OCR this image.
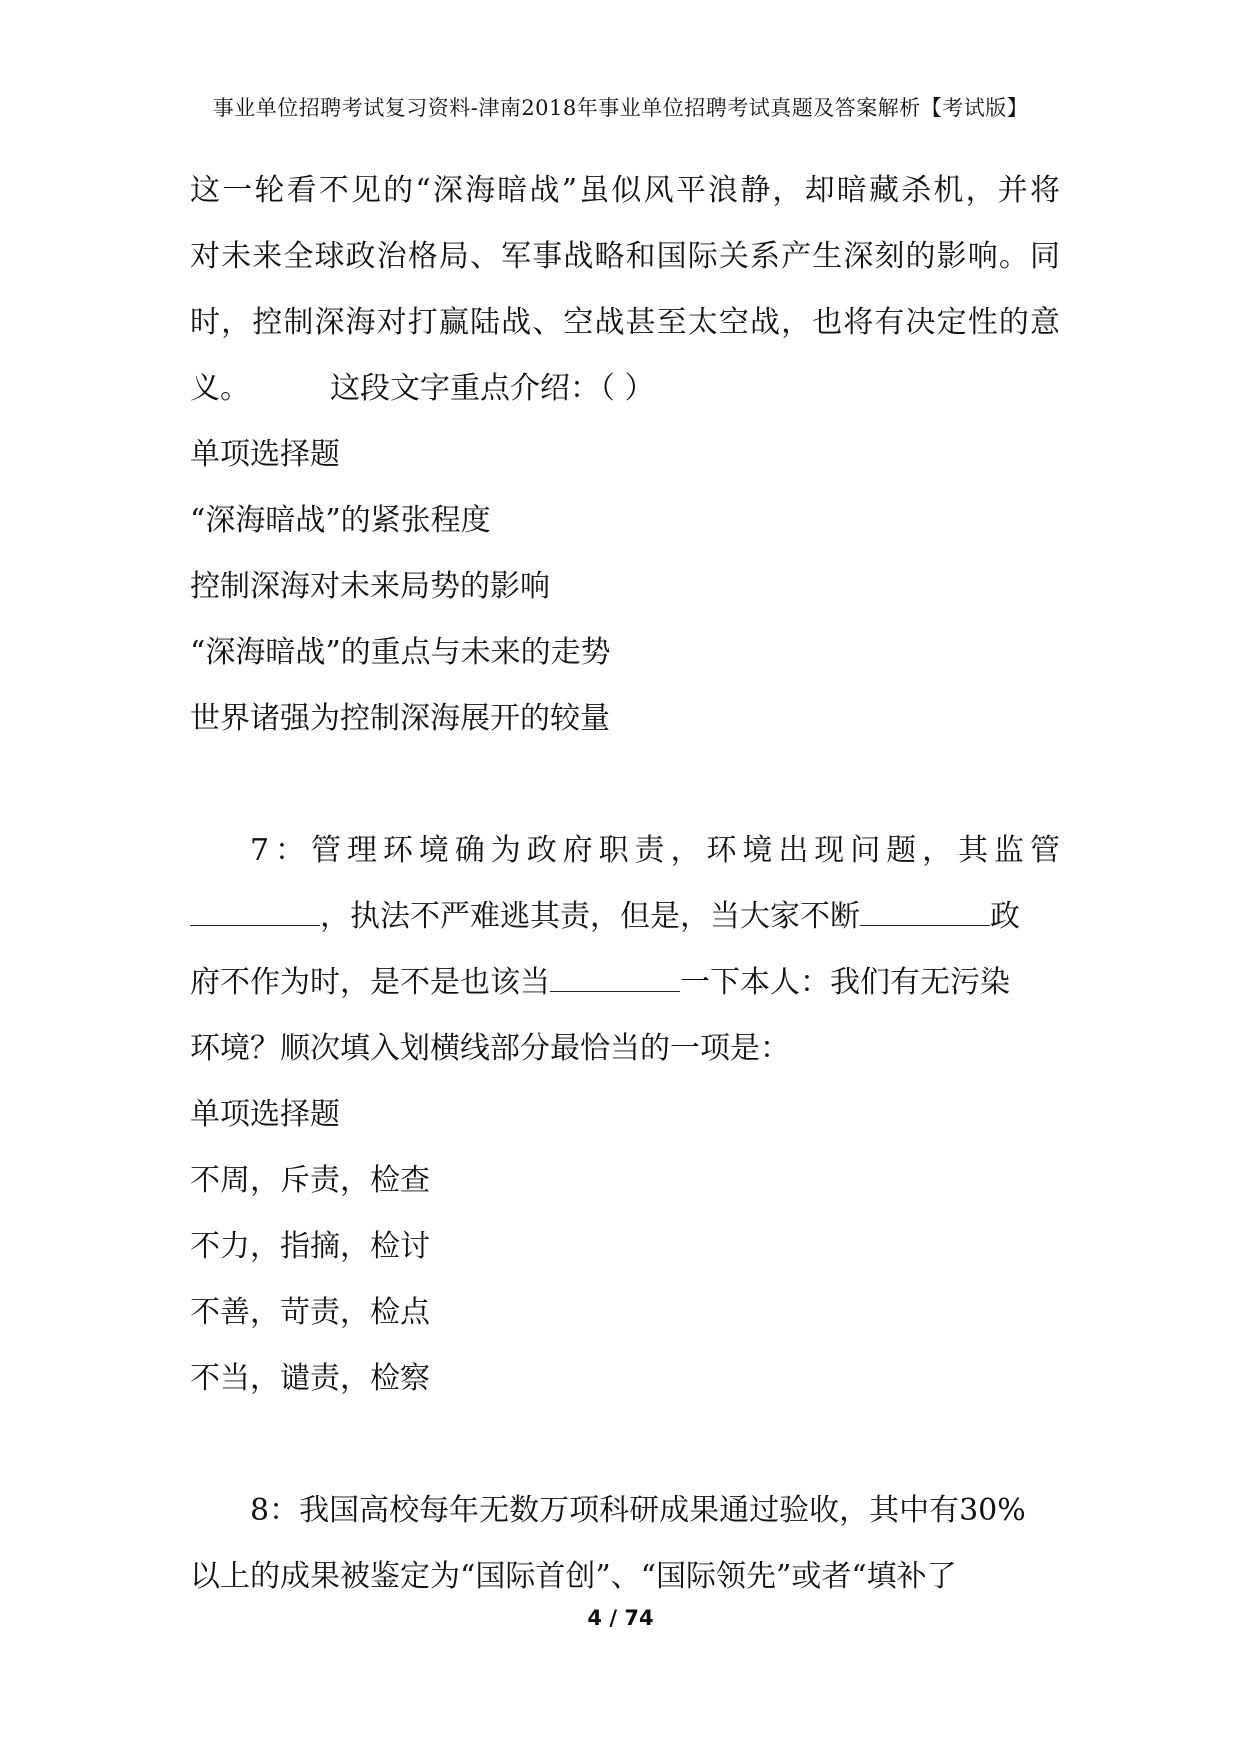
事业单位招聘考试复习资料-津南2018年事业单位招聘考试真题及答案解析【考试版】
这一轮看不见的“深海暗战”虽似风平浪静，却暗藏杀机，并将
对未来全球政治格局、军事战略和国际关系产生深刻的影响。同
时，控制深海对打赢陆战、空战甚至太空战，也将有决定性的意
义。	这段文字重点介绍：（ ）
单项选择题
“深海暗战”的紧张程度
控制深海对未来局势的影响
“深海暗战”的重点与未来的走势
世界诸强为控制深海展开的较量
7：管理环境确为政府职责，环境出现问题，其监管
，执法不严难逃其责，但是，当大家不断	政
府不作为时，是不是也该当	一下本人：我们有无污染
环境？顺次填入划横线部分最恰当的一项是：
单项选择题
不周，斥责，检查
不力，指摘，检讨
不善，苛责，检点
不当，谴责，检察
8：我国高校每年无数万项科研成果通过验收，其中有30%
以上的成果被鉴定为“国际首创”、“国际领先”或者“填补了
4 / 74
